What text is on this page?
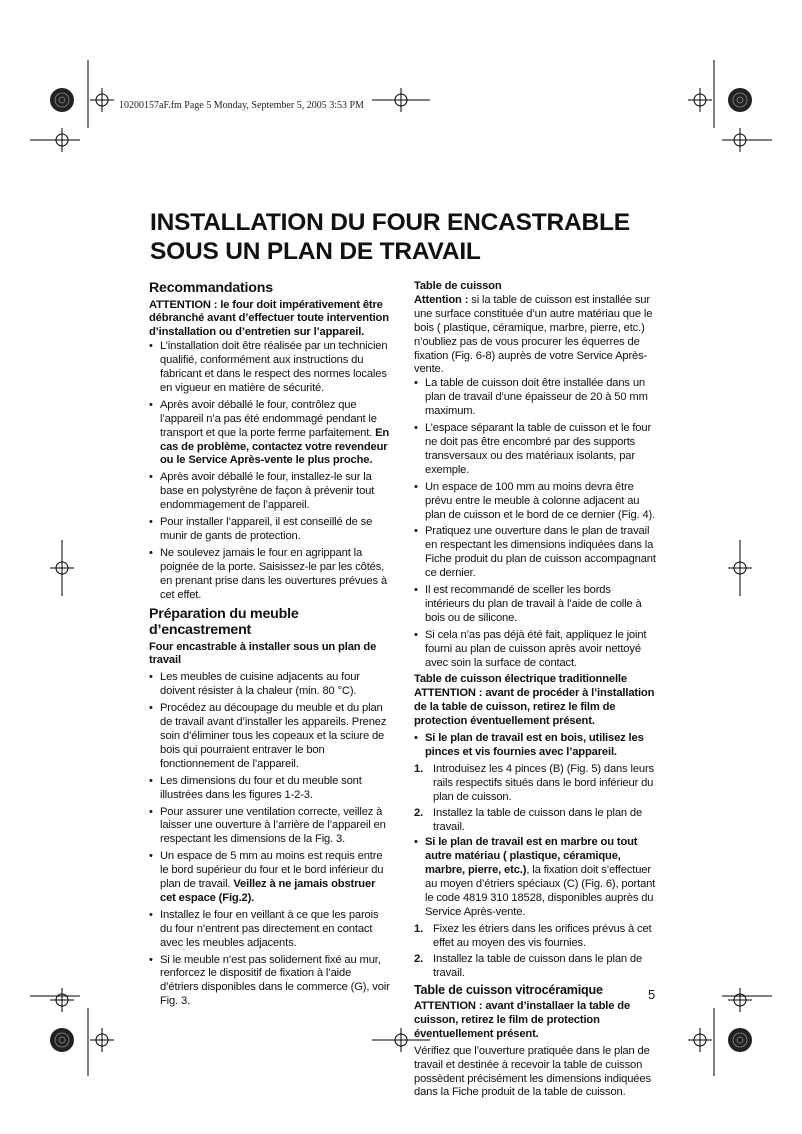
10200157aF.fm Page 5 Monday, September 5, 2005 3:53 PM
INSTALLATION DU FOUR ENCASTRABLE
SOUS UN PLAN DE TRAVAIL

Recommandations

ATTENTION : le four doit impérativement être débranché avant d’effectuer toute intervention d’installation ou d’entretien sur l’appareil.

• L’installation doit être réalisée par un technicien qualifié, conformément aux instructions du fabricant et dans le respect des normes locales en vigueur en matière de sécurité.
• Après avoir déballé le four, contrôlez que l’appareil n’a pas été endommagé pendant le transport et que la porte ferme parfaitement. En cas de problème, contactez votre revendeur ou le Service Après-vente le plus proche.
• Après avoir déballé le four, installez-le sur la base en polystyrène de façon à prévenir tout endommagement de l’appareil.
• Pour installer l’appareil, il est conseillé de se munir de gants de protection.
• Ne soulevez jamais le four en agrippant la poignée de la porte. Saisissez-le par les côtés, en prenant prise dans les ouvertures prévues à cet effet.

Préparation du meuble d’encastrement

Four encastrable à installer sous un plan de travail

• Les meubles de cuisine adjacents au four doivent résister à la chaleur (min. 80 °C).
• Procédez au découpage du meuble et du plan de travail avant d’installer les appareils. Prenez soin d’éliminer tous les copeaux et la sciure de bois qui pourraient entraver le bon fonctionnement de l’appareil.
• Les dimensions du four et du meuble sont illustrées dans les figures 1-2-3.
• Pour assurer une ventilation correcte, veillez à laisser une ouverture à l’arrière de l’appareil en respectant les dimensions de la Fig. 3.
• Un espace de 5 mm au moins est requis entre le bord supérieur du four et le bord inférieur du plan de travail. Veillez à ne jamais obstruer cet espace (Fig.2).
• Installez le four en veillant à ce que les parois du four n’entrent pas directement en contact avec les meubles adjacents.
• Si le meuble n’est pas solidement fixé au mur, renforcez le dispositif de fixation à l’aide d’étriers disponibles dans le commerce (G), voir Fig. 3.

Table de cuisson

Attention : si la table de cuisson est installée sur une surface constituée d’un autre matériau que le bois ( plastique, céramique, marbre, pierre, etc.) n’oubliez pas de vous procurer les équerres de fixation (Fig. 6-8) auprès de votre Service Après-vente.

• La table de cuisson doit être installée dans un plan de travail d’une épaisseur de 20 à 50 mm maximum.
• L’espace séparant la table de cuisson et le four ne doit pas être encombré par des supports transversaux ou des matériaux isolants, par exemple.
• Un espace de 100 mm au moins devra être prévu entre le meuble à colonne adjacent au plan de cuisson et le bord de ce dernier (Fig. 4).
• Pratiquez une ouverture dans le plan de travail en respectant les dimensions indiquées dans la Fiche produit du plan de cuisson accompagnant ce dernier.
• Il est recommandé de sceller les bords intérieurs du plan de travail à l’aide de colle à bois ou de silicone.
• Si cela n’as pas déjà été fait, appliquez le joint fourni au plan de cuisson après avoir nettoyé avec soin la surface de contact.

Table de cuisson électrique traditionnelle

ATTENTION : avant de procéder à l’installation de la table de cuisson, retirez le film de protection éventuellement présent.

• Si le plan de travail est en bois, utilisez les pinces et vis fournies avec l’appareil.
1. Introduisez les 4 pinces (B) (Fig. 5) dans leurs rails respectifs situés dans le bord inférieur du plan de cuisson.
2. Installez la table de cuisson dans le plan de travail.
• Si le plan de travail est en marbre ou tout autre matériau ( plastique, céramique, marbre, pierre, etc.), la fixation doit s’effectuer au moyen d’étriers spéciaux (C) (Fig. 6), portant le code 4819 310 18528, disponibles auprès du Service Après-vente.
1. Fixez les étriers dans les orifices prévus à cet effet au moyen des vis fournies.
2. Installez la table de cuisson dans le plan de travail.

Table de cuisson vitrocéramique

ATTENTION : avant d’installaer la table de cuisson, retirez le film de protection éventuellement présent.

Vérifiez que l’ouverture pratiquée dans le plan de travail et destinée à recevoir la table de cuisson possèdent précisément les dimensions indiquées dans la Fiche produit de la table de cuisson.

5
